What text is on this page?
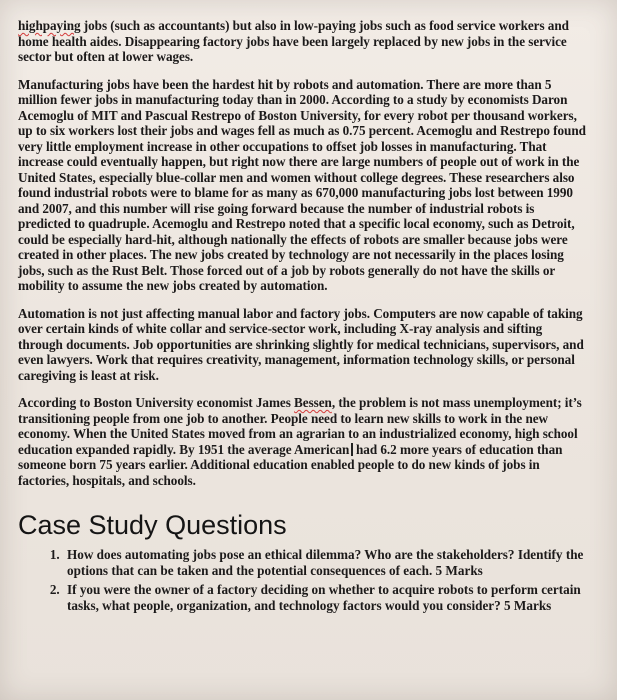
highpaying jobs (such as accountants) but also in low-paying jobs such as food service workers and home health aides. Disappearing factory jobs have been largely replaced by new jobs in the service sector but often at lower wages.

Manufacturing jobs have been the hardest hit by robots and automation. There are more than 5 million fewer jobs in manufacturing today than in 2000. According to a study by economists Daron Acemoglu of MIT and Pascual Restrepo of Boston University, for every robot per thousand workers, up to six workers lost their jobs and wages fell as much as 0.75 percent. Acemoglu and Restrepo found very little employment increase in other occupations to offset job losses in manufacturing. That increase could eventually happen, but right now there are large numbers of people out of work in the United States, especially blue-collar men and women without college degrees. These researchers also found industrial robots were to blame for as many as 670,000 manufacturing jobs lost between 1990 and 2007, and this number will rise going forward because the number of industrial robots is predicted to quadruple. Acemoglu and Restrepo noted that a specific local economy, such as Detroit, could be especially hard-hit, although nationally the effects of robots are smaller because jobs were created in other places. The new jobs created by technology are not necessarily in the places losing jobs, such as the Rust Belt. Those forced out of a job by robots generally do not have the skills or mobility to assume the new jobs created by automation.

Automation is not just affecting manual labor and factory jobs. Computers are now capable of taking over certain kinds of white collar and service-sector work, including X-ray analysis and sifting through documents. Job opportunities are shrinking slightly for medical technicians, supervisors, and even lawyers. Work that requires creativity, management, information technology skills, or personal caregiving is least at risk.

According to Boston University economist James Bessen, the problem is not mass unemployment; it’s transitioning people from one job to another. People need to learn new skills to work in the new economy. When the United States moved from an agrarian to an industrialized economy, high school education expanded rapidly. By 1951 the average American had 6.2 more years of education than someone born 75 years earlier. Additional education enabled people to do new kinds of jobs in factories, hospitals, and schools.

Case Study Questions
1. How does automating jobs pose an ethical dilemma? Who are the stakeholders? Identify the options that can be taken and the potential consequences of each. 5 Marks
2. If you were the owner of a factory deciding on whether to acquire robots to perform certain tasks, what people, organization, and technology factors would you consider? 5 Marks
